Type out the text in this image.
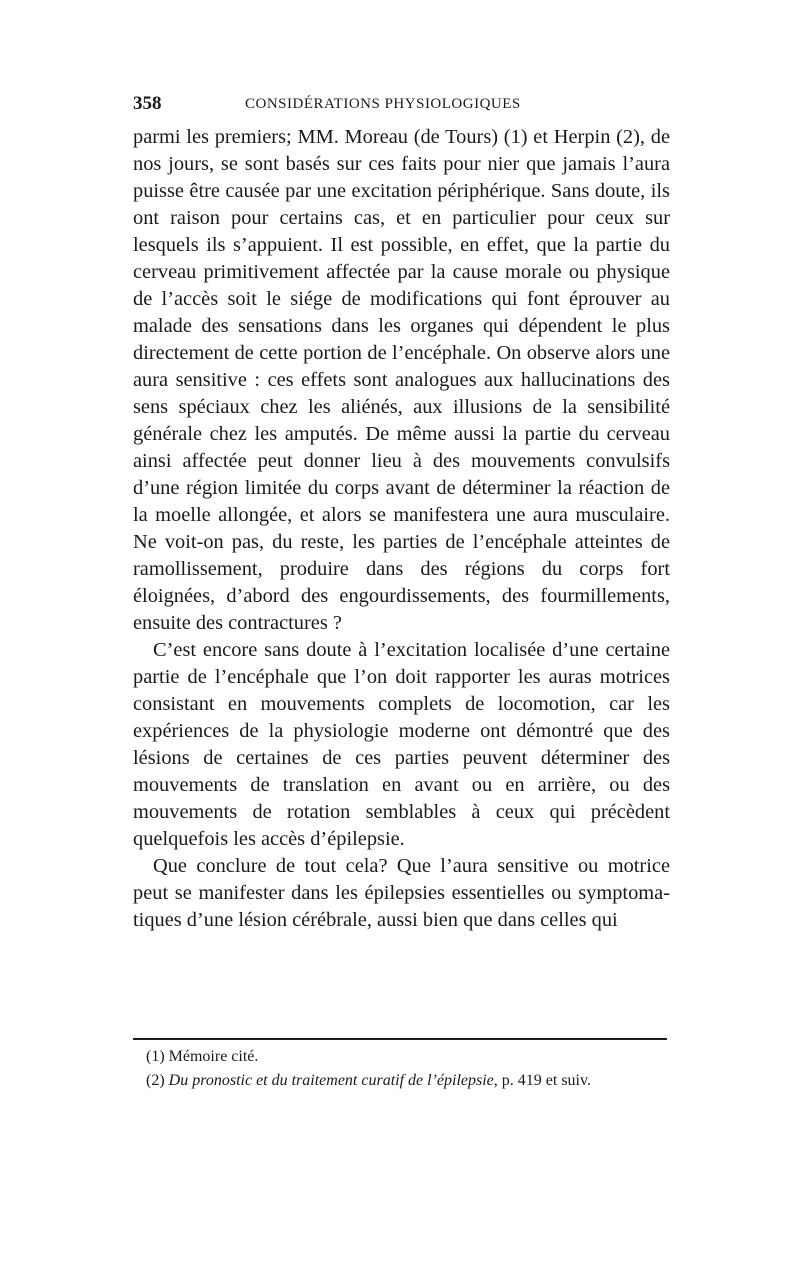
358	CONSIDÉRATIONS PHYSIOLOGIQUES

parmi les premiers; MM. Moreau (de Tours) (1) et Herpin (2), de nos jours, se sont basés sur ces faits pour nier que jamais l’aura puisse être causée par une excitation périphérique. Sans doute, ils ont raison pour certains cas, et en particulier pour ceux sur lesquels ils s’appuient. Il est possible, en effet, que la partie du cerveau primitivement affectée par la cause morale ou physique de l’accès soit le siége de modifications qui font éprouver au malade des sensations dans les organes qui dépendent le plus directement de cette portion de l’encéphale. On observe alors une aura sensitive : ces effets sont analogues aux hallucinations des sens spéciaux chez les aliénés, aux illusions de la sensibilité générale chez les amputés. De même aussi la partie du cerveau ainsi affectée peut donner lieu à des mouvements convulsifs d’une région limitée du corps avant de déterminer la réaction de la moelle allongée, et alors se manifestera une aura musculaire. Ne voit-on pas, du reste, les parties de l’encéphale atteintes de ramollissement, produire dans des régions du corps fort éloignées, d’abord des engourdissements, des fourmillements, ensuite des contractures ?

C’est encore sans doute à l’excitation localisée d’une certaine partie de l’encéphale que l’on doit rapporter les auras motrices consistant en mouvements complets de locomotion, car les expériences de la physiologie moderne ont démontré que des lésions de certaines de ces parties peuvent déterminer des mouvements de translation en avant ou en arrière, ou des mouvements de rotation semblables à ceux qui précèdent quelquefois les accès d’épilepsie.

Que conclure de tout cela? Que l’aura sensitive ou motrice peut se manifester dans les épilepsies essentielles ou symptomatiques d’une lésion cérébrale, aussi bien que dans celles qui

(1) Mémoire cité.
(2) Du pronostic et du traitement curatif de l’épilepsie, p. 419 et suiv.
